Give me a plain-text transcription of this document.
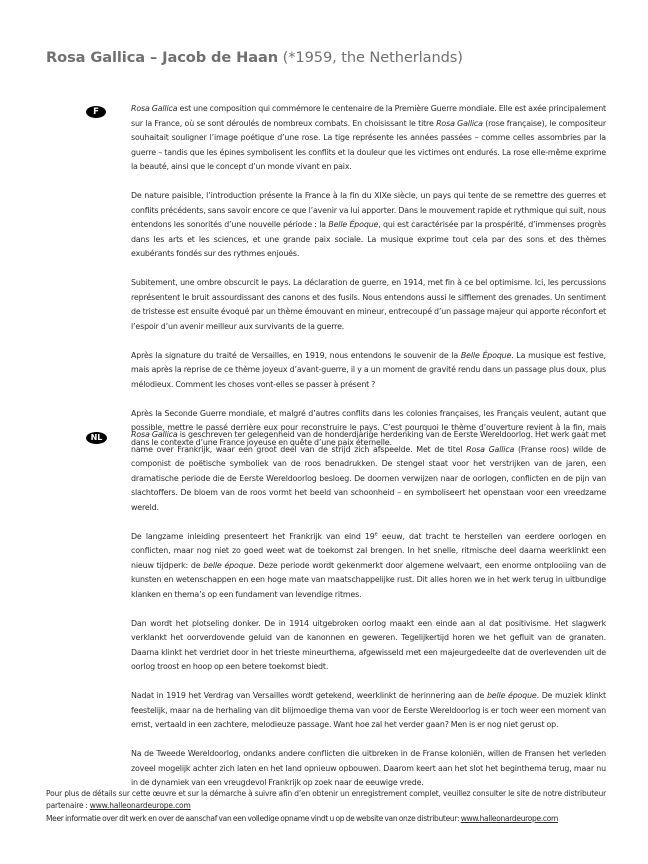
Rosa Gallica – Jacob de Haan (*1959, the Netherlands)
F	Rosa Gallica est une composition qui commémore le centenaire de la Première Guerre mondiale. Elle est axée principalement sur la France, où se sont déroulés de nombreux combats. En choisissant le titre Rosa Gallica (rose française), le compositeur souhaitait souligner l’image poétique d’une rose. La tige représente les années passées – comme celles assombries par la guerre – tandis que les épines symbolisent les conflits et la douleur que les victimes ont endurés. La rose elle-même exprime la beauté, ainsi que le concept d’un monde vivant en paix.

De nature paisible, l’introduction présente la France à la fin du XIXe siècle, un pays qui tente de se remettre des guerres et conflits précédents, sans savoir encore ce que l’avenir va lui apporter. Dans le mouvement rapide et rythmique qui suit, nous entendons les sonorités d’une nouvelle période : la Belle Époque, qui est caractérisée par la prospérité, d’immenses progrès dans les arts et les sciences, et une grande paix sociale. La musique exprime tout cela par des sons et des thèmes exubérants fondés sur des rythmes enjoués.

Subitement, une ombre obscurcit le pays. La déclaration de guerre, en 1914, met fin à ce bel optimisme. Ici, les percussions représentent le bruit assourdissant des canons et des fusils. Nous entendons aussi le sifflement des grenades. Un sentiment de tristesse est ensuite évoqué par un thème émouvant en mineur, entrecoupé d’un passage majeur qui apporte réconfort et l’espoir d’un avenir meilleur aux survivants de la guerre.

Après la signature du traité de Versailles, en 1919, nous entendons le souvenir de la Belle Époque. La musique est festive, mais après la reprise de ce thème joyeux d’avant-guerre, il y a un moment de gravité rendu dans un passage plus doux, plus mélodieux. Comment les choses vont-elles se passer à présent ?

Après la Seconde Guerre mondiale, et malgré d’autres conflits dans les colonies françaises, les Français veulent, autant que possible, mettre le passé derrière eux pour reconstruire le pays. C’est pourquoi le thème d’ouverture revient à la fin, mais dans le contexte d’une France joyeuse en quête d’une paix éternelle.

NL	Rosa Gallica is geschreven ter gelegenheid van de honderdjarige herdenking van de Eerste Wereldoorlog. Het werk gaat met name over Frankrijk, waar een groot deel van de strijd zich afspeelde. Met de titel Rosa Gallica (Franse roos) wilde de componist de poëtische symboliek van de roos benadrukken. De stengel staat voor het verstrijken van de jaren, een dramatische periode die de Eerste Wereldoorlog besloeg. De doornen verwijzen naar de oorlogen, conflicten en de pijn van slachtoffers. De bloem van de roos vormt het beeld van schoonheid – en symboliseert het openstaan voor een vreedzame wereld.

De langzame inleiding presenteert het Frankrijk van eind 19e eeuw, dat tracht te herstellen van eerdere oorlogen en conflicten, maar nog niet zo goed weet wat de toekomst zal brengen. In het snelle, ritmische deel daarna weerklinkt een nieuw tijdperk: de belle époque. Deze periode wordt gekenmerkt door algemene welvaart, een enorme ontplooiing van de kunsten en wetenschappen en een hoge mate van maatschappelijke rust. Dit alles horen we in het werk terug in uitbundige klanken en thema’s op een fundament van levendige ritmes.

Dan wordt het plotseling donker. De in 1914 uitgebroken oorlog maakt een einde aan al dat positivisme. Het slagwerk verklankt het oorverdovende geluid van de kanonnen en geweren. Tegelijkertijd horen we het gefluit van de granaten. Daarna klinkt het verdriet door in het trieste mineurthema, afgewisseld met een majeurgedeelte dat de overlevenden uit de oorlog troost en hoop op een betere toekomst biedt.

Nadat in 1919 het Verdrag van Versailles wordt getekend, weerklinkt de herinnering aan de belle époque. De muziek klinkt feestelijk, maar na de herhaling van dit blijmoedige thema van voor de Eerste Wereldoorlog is er toch weer een moment van ernst, vertaald in een zachtere, melodieuze passage. Want hoe zal het verder gaan? Men is er nog niet gerust op.

Na de Tweede Wereldoorlog, ondanks andere conflicten die uitbreken in de Franse koloniën, willen de Fransen het verleden zoveel mogelijk achter zich laten en het land opnieuw opbouwen. Daarom keert aan het slot het beginthema terug, maar nu in de dynamiek van een vreugdevol Frankrijk op zoek naar de eeuwige vrede.

Pour plus de détails sur cette œuvre et sur la démarche à suivre afin d’en obtenir un enregistrement complet, veuillez consulter le site de notre distributeur partenaire : www.halleonardeurope.com

Meer informatie over dit werk en over de aanschaf van een volledige opname vindt u op de website van onze distributeur: www.halleonardeurope.com
